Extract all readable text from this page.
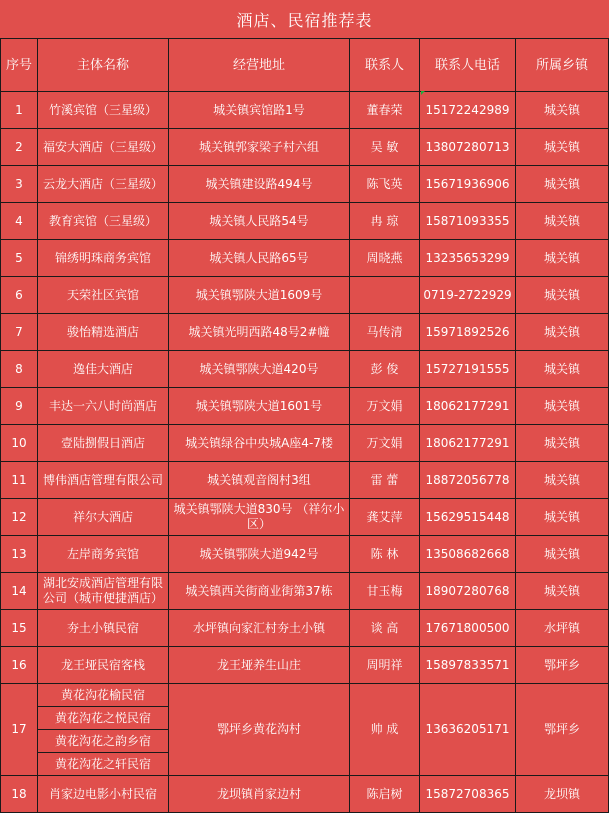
酒店、民宿推荐表
序号	主体名称	经营地址	联系人	联系人电话	所属乡镇
1	竹溪宾馆（三星级）	城关镇宾馆路1号	董春荣	15172242989	城关镇
2	福安大酒店（三星级）	城关镇郭家梁子村六组	吴 敏	13807280713	城关镇
3	云龙大酒店（三星级）	城关镇建设路494号	陈飞英	15671936906	城关镇
4	教育宾馆（三星级）	城关镇人民路54号	冉 琼	15871093355	城关镇
5	锦绣明珠商务宾馆	城关镇人民路65号	周晓燕	13235653299	城关镇
6	天荣社区宾馆	城关镇鄂陕大道1609号		0719-2722929	城关镇
7	骏怡精选酒店	城关镇光明西路48号2#幢	马传清	15971892526	城关镇
8	逸佳大酒店	城关镇鄂陕大道420号	彭 俊	15727191555	城关镇
9	丰达一六八时尚酒店	城关镇鄂陕大道1601号	万文娟	18062177291	城关镇
10	壹陆捌假日酒店	城关镇绿谷中央城A座4-7楼	万文娟	18062177291	城关镇
11	博伟酒店管理有限公司	城关镇观音阁村3组	雷 蕾	18872056778	城关镇
12	祥尔大酒店	城关镇鄂陕大道830号 （祥尔小区）	龚艾萍	15629515448	城关镇
13	左岸商务宾馆	城关镇鄂陕大道942号	陈 林	13508682668	城关镇
14	湖北安成酒店管理有限公司（城市便捷酒店）	城关镇西关街商业街第37栋	甘玉梅	18907280768	城关镇
15	夯土小镇民宿	水坪镇向家汇村夯土小镇	谈 高	17671800500	水坪镇
16	龙王垭民宿客栈	龙王垭养生山庄	周明祥	15897833571	鄂坪乡
17	黄花沟花榆民宿	鄂坪乡黄花沟村	帅 成	13636205171	鄂坪乡
	黄花沟花之悦民宿				
	黄花沟花之韵乡宿				
	黄花沟花之轩民宿				
18	肖家边电影小村民宿	龙坝镇肖家边村	陈启树	15872708365	龙坝镇
